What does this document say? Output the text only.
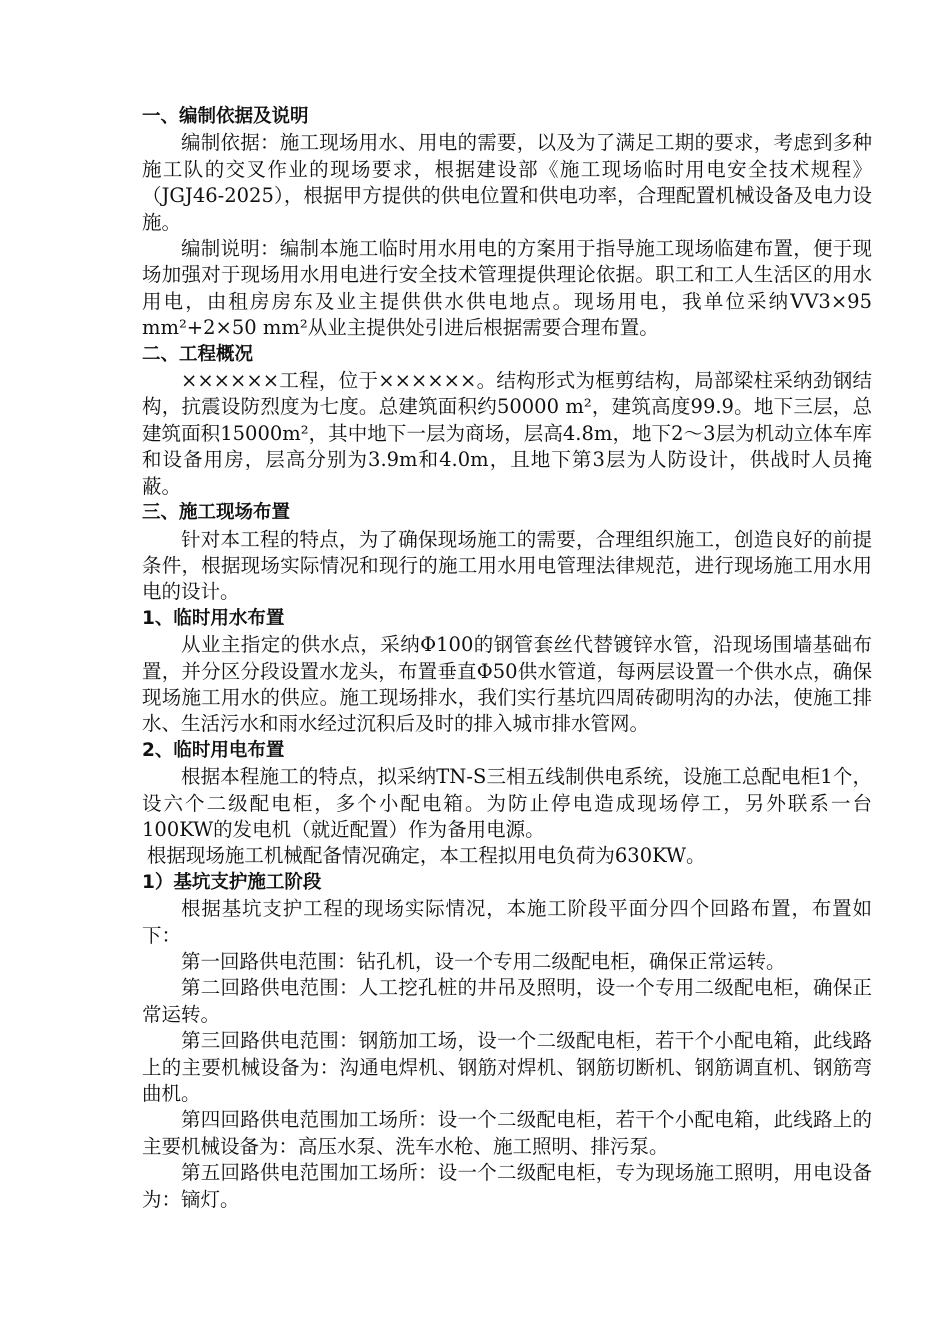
一、编制依据及说明

编制依据：施工现场用水、用电的需要，以及为了满足工期的要求，考虑到多种施工队的交叉作业的现场要求，根据建设部《施工现场临时用电安全技术规程》（JGJ46-2025），根据甲方提供的供电位置和供电功率，合理配置机械设备及电力设施。

编制说明：编制本施工临时用水用电的方案用于指导施工现场临建布置，便于现场加强对于现场用水用电进行安全技术管理提供理论依据。职工和工人生活区的用水用电，由租房房东及业主提供供水供电地点。现场用电，我单位采纳VV3×95 mm²+2×50 mm²从业主提供处引进后根据需要合理布置。

二、工程概况

××××××工程，位于××××××。结构形式为框剪结构，局部梁柱采纳劲钢结构，抗震设防烈度为七度。总建筑面积约50000 m²，建筑高度99.9。地下三层，总建筑面积15000m²，其中地下一层为商场，层高4.8m，地下2～3层为机动立体车库和设备用房，层高分别为3.9m和4.0m，且地下第3层为人防设计，供战时人员掩蔽。

三、施工现场布置

针对本工程的特点，为了确保现场施工的需要，合理组织施工，创造良好的前提条件，根据现场实际情况和现行的施工用水用电管理法律规范，进行现场施工用水用电的设计。

1、临时用水布置

从业主指定的供水点，采纳Φ100的钢管套丝代替镀锌水管，沿现场围墙基础布置，并分区分段设置水龙头，布置垂直Φ50供水管道，每两层设置一个供水点，确保现场施工用水的供应。施工现场排水，我们实行基坑四周砖砌明沟的办法，使施工排水、生活污水和雨水经过沉积后及时的排入城市排水管网。

2、临时用电布置

根据本程施工的特点，拟采纳TN-S三相五线制供电系统，设施工总配电柜1个，设六个二级配电柜，多个小配电箱。为防止停电造成现场停工，另外联系一台100KW的发电机（就近配置）作为备用电源。

根据现场施工机械配备情况确定，本工程拟用电负荷为630KW。

1）基坑支护施工阶段

根据基坑支护工程的现场实际情况，本施工阶段平面分四个回路布置，布置如下：

第一回路供电范围：钻孔机，设一个专用二级配电柜，确保正常运转。

第二回路供电范围：人工挖孔桩的井吊及照明，设一个专用二级配电柜，确保正常运转。

第三回路供电范围：钢筋加工场，设一个二级配电柜，若干个小配电箱，此线路上的主要机械设备为：沟通电焊机、钢筋对焊机、钢筋切断机、钢筋调直机、钢筋弯曲机。

第四回路供电范围加工场所：设一个二级配电柜，若干个小配电箱，此线路上的主要机械设备为：高压水泵、洗车水枪、施工照明、排污泵。

第五回路供电范围加工场所：设一个二级配电柜，专为现场施工照明，用电设备为：镝灯。
